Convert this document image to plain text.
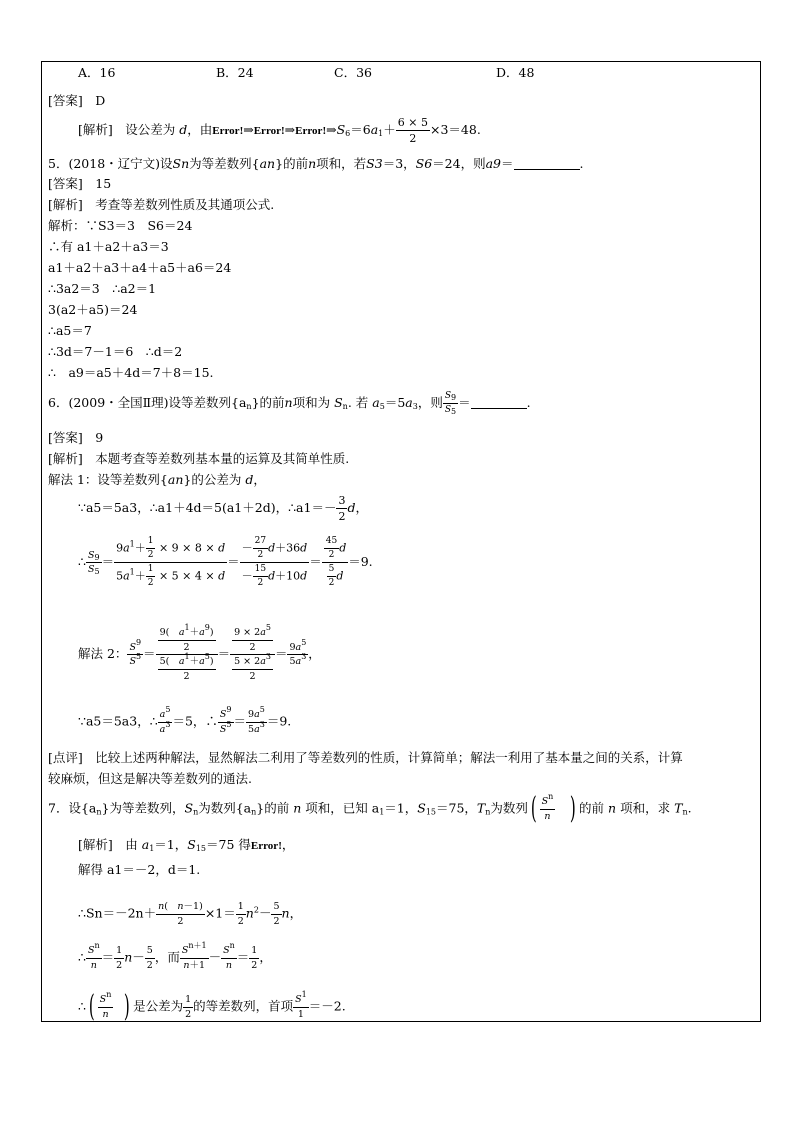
A．16	B．24	C．36	D．48
[答案]　D
[解析]　设公差为 d，由$Error!\Rightarrow Error!\Rightarrow Error!\Rightarrow S_6=6a_1+ \frac{6 \times 5}{2} \times 3=48$.
5．(2018・辽宁文)设Sn为等差数列{an}的前n项和，若S3＝3，S6＝24，则a9＝	.
[答案]　15
[解析]　考查等差数列性质及其通项公式.
解析：∵S3＝3　S6＝24
∴有 a1＋a2＋a3＝3
a1＋a2＋a3＋a4＋a5＋a6＝24
∴3a2＝3　∴a2＝1
3(a2＋a5)＝24
∴a5＝7
∴3d＝7－1＝6　∴d＝2
∴　a9＝a5＋4d＝7＋8＝15.
6．(2009・全国Ⅱ理)设等差数列$\{a_n\}$的前n项和为 $S_n$. 若 $a_5=5a_3$，则 $\frac{S_9}{S_5}$ ＝	.
[答案]　9
[解析]　本题考查等差数列基本量的运算及其简单性质.
解法 1：设等差数列{an}的公差为 d，
∵a5＝5a3，∴a1＋4d＝5(a1＋2d)，∴a1＝－ $\frac{3}{2}$ d，
∴ $\frac{S_9}{S_5} = \frac{9a^1+ \frac{1}{2} \times 9 \times 8 \times d}{5a^1+ \frac{1}{2} \times 5 \times 4 \times d} = \frac{- \frac{27}{2} d+36d}{- \frac{15}{2} d+10d} = \frac{\frac{45}{2} d}{\frac{5}{2} d} =9$.
解法 2： $\frac{S^9}{S^5} = \frac{\frac{9( a^1+a^9)}{2}}{\frac{5( a^1+a^5)}{2}} = \frac{\frac{9 \times 2a^5}{2}}{\frac{5 \times 2a^3}{2}} = \frac{9a^5}{5a^3}$ ，
∵a5＝5a3，∴ $\frac{a^5}{a^3} =5$，∴ $\frac{S^9}{S^5} = \frac{9a^5}{5a^3} =9$.
[点评]　比较上述两种解法，显然解法二利用了等差数列的性质，计算简单；解法一利用了基本量之间的关系，计算
较麻烦，但这是解决等差数列的通法.
7．设$\{a_n\}$为等差数列，$S_n$为数列$\{a_n\}$的前 n 项和，已知 $a_1=1$，$S_{15}=75$，$T_n$为数列( $\frac{S^n}{n}$ ) 的前 n 项和，求 $T_n$.
[解析]　由 $a_1=1$，$S_{15}=75$ 得Error!，
解得 a1＝－2，d＝1.
∴Sn＝－2n＋ $\frac{n( n-1)}{2} \times 1= \frac{1}{2} n^2- \frac{5}{2}$ n，
∴ $\frac{S^n}{n} = \frac{1}{2} n- \frac{5}{2}$ ，而 $\frac{S^{n+1}}{n+1} - \frac{S^n}{n} = \frac{1}{2}$ ，
∴( $\frac{S^n}{n}$ ) 是公差为 $\frac{1}{2}$ 的等差数列，首项 $\frac{S^1}{1} =-2$.
